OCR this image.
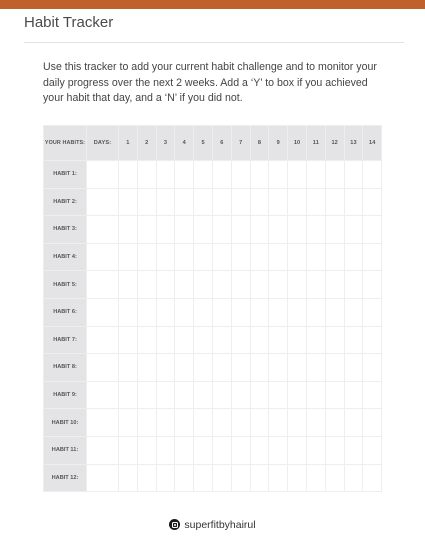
Habit Tracker
Use this tracker to add your current habit challenge and to monitor your daily progress over the next 2 weeks. Add a ‘Y’ to box if you achieved your habit that day, and a ‘N’ if you did not.
YOUR HABITS:	DAYS:	1	2	3	4	5	6	7	8	9	10	11	12	13	14
HABIT 1:															
HABIT 2:															
HABIT 3:															
HABIT 4:															
HABIT 5:															
HABIT 6:															
HABIT 7:															
HABIT 8:															
HABIT 9:															
HABIT 10:															
HABIT 11:															
HABIT 12:															
superfitbyhairul
